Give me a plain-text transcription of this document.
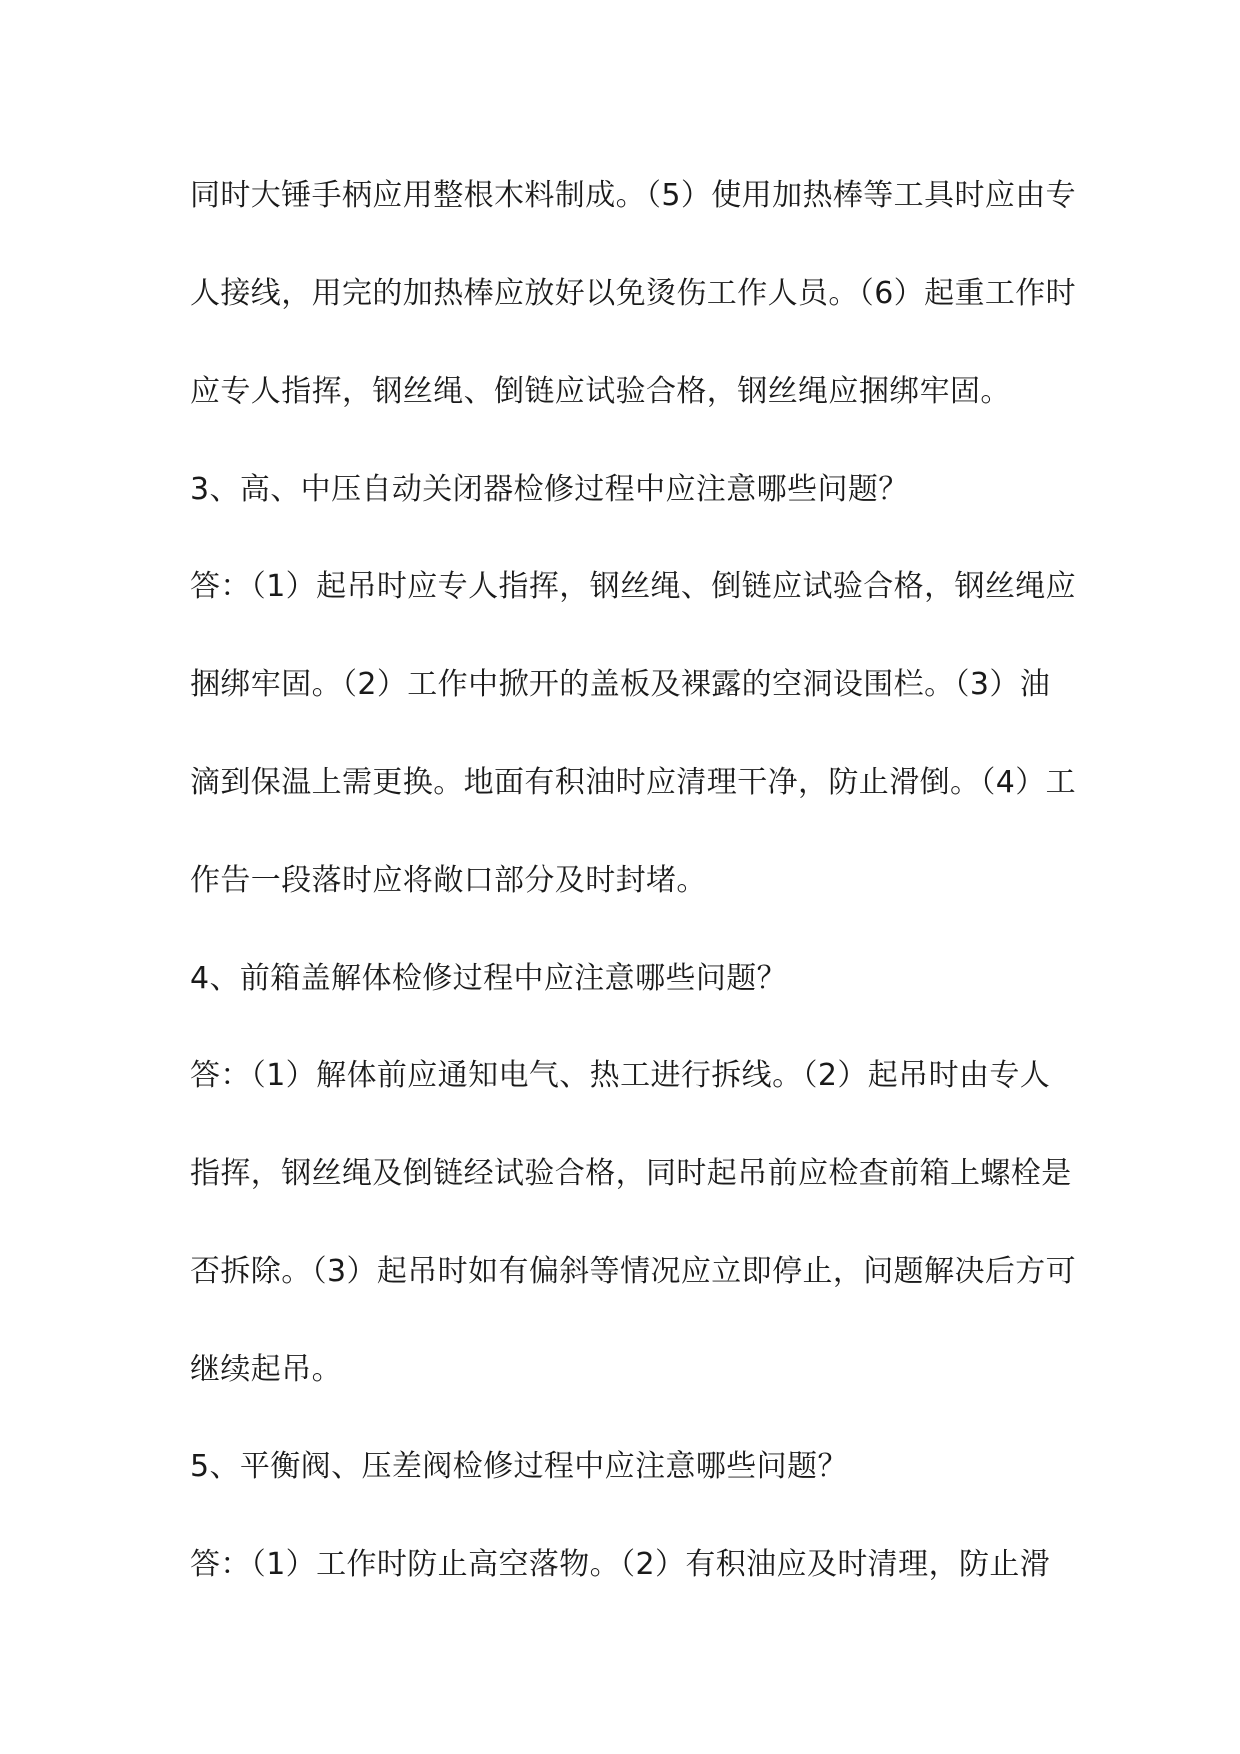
同时大锤手柄应用整根木料制成。（5）使用加热棒等工具时应由专
人接线，用完的加热棒应放好以免烫伤工作人员。（6）起重工作时
应专人指挥，钢丝绳、倒链应试验合格，钢丝绳应捆绑牢固。
3、高、中压自动关闭器检修过程中应注意哪些问题？
答：（1）起吊时应专人指挥，钢丝绳、倒链应试验合格，钢丝绳应
捆绑牢固。（2）工作中掀开的盖板及裸露的空洞设围栏。（3）油
滴到保温上需更换。地面有积油时应清理干净，防止滑倒。（4）工
作告一段落时应将敞口部分及时封堵。
4、前箱盖解体检修过程中应注意哪些问题？
答：（1）解体前应通知电气、热工进行拆线。（2）起吊时由专人
指挥，钢丝绳及倒链经试验合格，同时起吊前应检查前箱上螺栓是
否拆除。（3）起吊时如有偏斜等情况应立即停止，问题解决后方可
继续起吊。
5、平衡阀、压差阀检修过程中应注意哪些问题？
答：（1）工作时防止高空落物。（2）有积油应及时清理，防止滑
